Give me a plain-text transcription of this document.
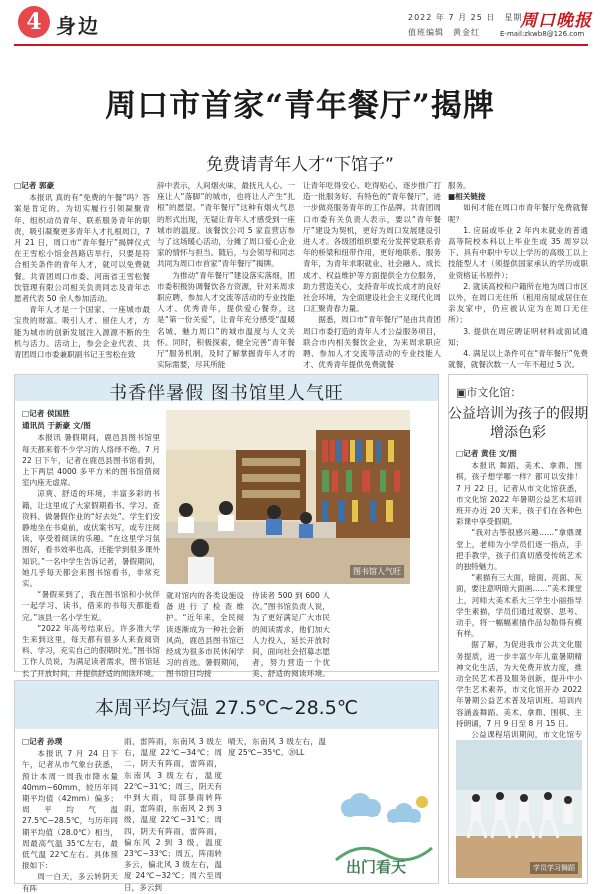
4 身边	2022 年 7 月 25 日　星期一
值班编辑　黄金红
周口晚报
E-mail:zkwb8@126.com
周口市首家“青年餐厅”揭牌
免费请青年人才“下馆子”
□记者 郭豪

本报讯 真的有“免费的午餐”吗？答案是肯定的。为切实履行引领凝聚青年、组织动员青年、联系服务青年的职责，吸引凝聚更多青年人才扎根周口，7 月 21 日，周口市“青年餐厅”揭牌仪式在王雪松小馆金昌路店举行，只要是符合相关条件的青年人才，就可以免费就餐。共青团周口市委、河南省王雪松餐饮管理有限公司相关负责同志及青年志愿者代表 50 余人参加活动。

青年人才是一个国家、一座城市最宝贵的财富。吸引人才、留住人才，方能为城市的创新发展注入源源不断的生机与活力。活动上，参会企业代表、共青团周口市委兼职副书记王雪松在致

辞中表示，人间烟火味，最抚凡人心。一座让人“落脚”的城市，也将让人产生“扎根”的愿望。“青年餐厅”这种有烟火气息的形式出现，无疑让青年人才感受到一座城市的温度。该餐饮公司 5 家直营店参与了这场暖心活动，分摊了周口爱心企业家的情怀与担当。随后，与会领导和同志共同为周口市首家“青年餐厅”揭牌。

为推动“青年餐厅”建设落实落细，团市委积极协调餐饮各方资源，针对来周求职应聘、参加人才交流等活动的专业技能人才、优秀青年，提供爱心餐券，这是“第一份关爱”，让青年充分感受“温暖名城、魅力周口”的城市温度与人文关怀。同时，积极探索，健全完善“青年餐厅”服务机制，及时了解掌握青年人才的实际需要，尽其所能

让青年吃得安心、吃得贴心，逐步推广打造一批服务好、有特色的“青年餐厅”，进一步做亮服务青年的工作品牌。共青团周口市委有关负责人表示，要以“青年餐厅”建设为契机，更好为周口发展建设引进人才。各级团组织要充分发挥党联系青年的桥梁和纽带作用，更好地联系、服务青年，为青年求职就业、社会融入、成长成才、权益维护等方面提供全方位服务，助力营造关心、支持青年成长成才的良好社会环境，为全面建设社会主义现代化周口汇聚青春力量。

据悉，周口市“青年餐厅”是由共青团周口市委打造的青年人才公益服务项目，联合市内相关餐饮企业，为来周求职应聘、参加人才交流等活动的专业技能人才、优秀青年提供免费就餐

服务。

■相关链接

如何才能在周口市青年餐厅免费就餐呢？

1. 应届或毕业 2 年内未就业的普通高等院校本科以上毕业生或 35 周岁以下、具有中职中专以上学历的高级工以上技能型人才（须提供国家承认的学历或职业资格证书原件）；

2. 就读高校和户籍所在地为周口市区以外，在周口无住所（租用房屋或居住在亲友家中，仍应被认定为在周口无住所）；

3. 提供在周应聘证明材料或面试通知；

4. 满足以上条件可在“青年餐厅”免费就餐，就餐次数一人一年不超过 5 次。

书香伴暑假 图书馆里人气旺
□记者 侯国胜
通讯员 于新豪 文/图

本报讯 暑假期间，鹿邑县图书馆里每天都来着不少学习的人络绎不绝。7 月 22 日下午，记者在鹿邑县图书馆看到，上下两层 4000 多平方米的图书馆借阅室内座无虚席。

凉爽、舒适的环境，丰富多彩的书籍，让这里成了大家假期看书、学习、查资料、做暑假作业的“好去处”。学生们安静地坐在书桌前，或伏案书写，或专注阅读，享受着阅读的乐趣。“在这里学习氛围好，看书效率也高，还能学到很多课外知识。”一名中学生告诉记者，暑假期间，她几乎每天都会来图书馆看书，非常充实。

“暑假来到了，我在图书馆和小伙伴一起学习、读书，借来的书每天都能看完。”该县一名小学生说。

“2022 年高考结束后，许多准大学生来到这里，每天都有很多人来查阅资料、学习，充实自己的假期时光。”图书馆工作人员说，为满足读者需求，图书馆延长了开放时间，并提供舒适的阅读环境。

图书馆人气旺

就对馆内的各类设施设备进行了检查维护。“近年来，全民阅读逐渐成为一种社会新风尚，鹿邑县图书馆已经成为很多市民休闲学习的首选。暑假期间，图书馆日均接

待读者 500 到 600 人次。”图书馆负责人说，为了更好满足广大市民的阅读需求，他们加大人力投入，延长开放时间，面向社会招募志愿者，努力营造一个优美、舒适的阅读环境。

▣市文化馆：
公益培训为孩子的假期增添色彩
□记者 黄佳 文/图

本报讯 舞蹈、美术、拿鼎、围棋，孩子想学哪一样？都可以安排！7 月 22 日，记者从市文化馆获悉，市文化馆 2022 年暑期公益艺术培训班开办近 20 天来，孩子们在各种色彩课中享受假期。

“我对古筝很感兴趣……”拿鼎课堂上，老师为小学员们逐一指点，手把手教学，孩子们真切感受传统艺术的独特魅力。

“素描有三大面，暗面、亮面、灰面，要注意明暗大面画……”美术课堂上，河师大美术系大三学生小丽指导学生素描，学员们通过观察、思考、动手，将一幅幅素描作品勾勒得有模有样。

据了解，为促进我市公共文化服务提质，进一步丰富少年儿童暑期精神文化生活，为大免费开放力度，推动全民艺术普及服务创新，提升中小学生艺术素养，市文化馆开办 2022 年暑期公益艺术普及培训班。培训内容涵盖舞蹈、美术、拿鼎、围棋、主持朗诵，7 月 9 日至 8 月 15 日。

公益课程培训期间，市文化馆专

学员学习舞蹈
本周平均气温 27.5℃~28.5℃
□记者 孙璞

本报讯 7 月 24 日下午，记者从市气象台获悉，预计本周一周我市降水量 40mm~60mm，较历年同期平均值（42mm）偏多；周平均气温 27.5℃~28.5℃，与历年同期平均值（28.0℃）相当，周最高气温 35℃左右，最低气温 22℃左右。具体预报如下：

周一白天，多云转阴天有阵

雨，雷阵雨，东南风 3 级左右，温度 22℃~34℃；周二，阴天有阵雨，雷阵雨，东南风 3 级左右，温度 22℃~31℃；周三，阴天有中到大雨，局部暴雨转阵雨，雷阵雨，东南风 2 到 3 级，温度 22℃~31℃；周四，阴天有阵雨，雷阵雨，偏东风 2 到 3 级，温度 23℃~33℃；周五，阵雨转多云，偏北风 3 级左右，温度 24℃~32℃；周六至周日，多云到

晴天，东南风 3 级左右，温度 25℃~35℃。⑳LL

出门看天
